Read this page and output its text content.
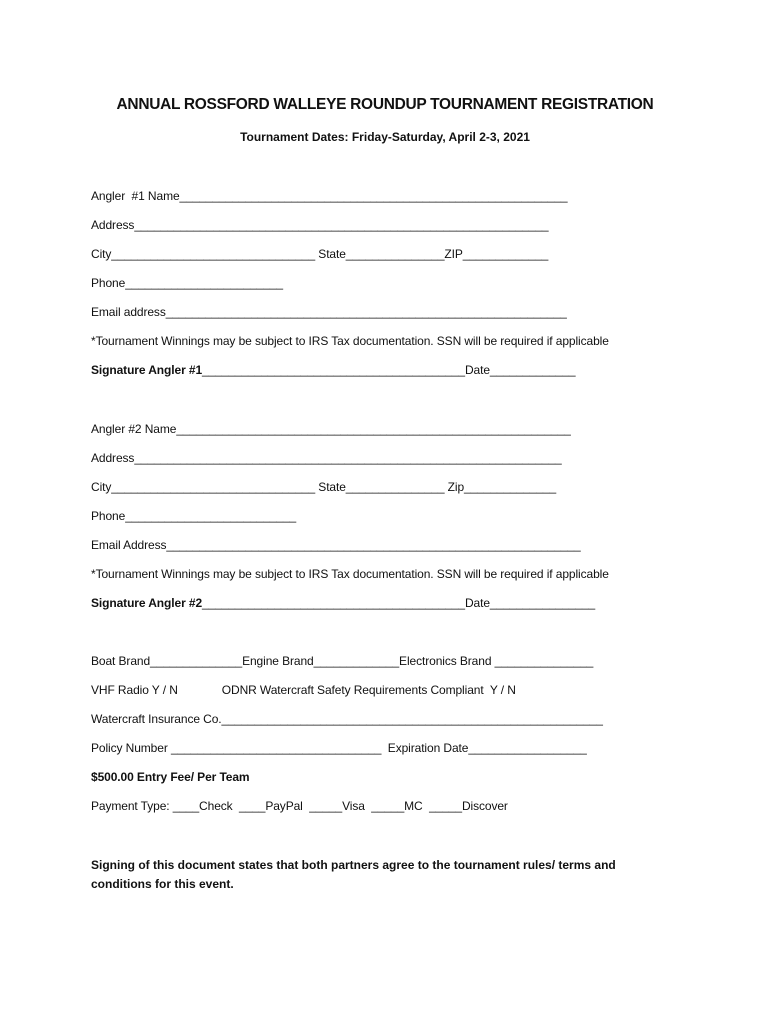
ANNUAL ROSSFORD WALLEYE ROUNDUP TOURNAMENT REGISTRATION
Tournament Dates: Friday-Saturday, April 2-3, 2021
Angler  #1 Name___________________________________________________________
Address_______________________________________________________________
City_______________________________ State_______________ZIP_____________
Phone________________________
Email address_____________________________________________________________
*Tournament Winnings may be subject to IRS Tax documentation. SSN will be required if applicable
Signature Angler #1________________________________________Date_____________
Angler #2 Name____________________________________________________________
Address_________________________________________________________________
City_______________________________ State_______________ Zip______________
Phone__________________________
Email Address_______________________________________________________________
*Tournament Winnings may be subject to IRS Tax documentation. SSN will be required if applicable
Signature Angler #2________________________________________Date________________
Boat Brand______________Engine Brand_____________Electronics Brand _______________
VHF Radio Y / N	ODNR Watercraft Safety Requirements Compliant  Y / N
Watercraft Insurance Co.__________________________________________________________
Policy Number ________________________________  Expiration Date__________________
$500.00 Entry Fee/ Per Team
Payment Type: ____Check  ____PayPal  _____Visa  _____MC  _____Discover
Signing of this document states that both partners agree to the tournament rules/ terms and conditions for this event.
